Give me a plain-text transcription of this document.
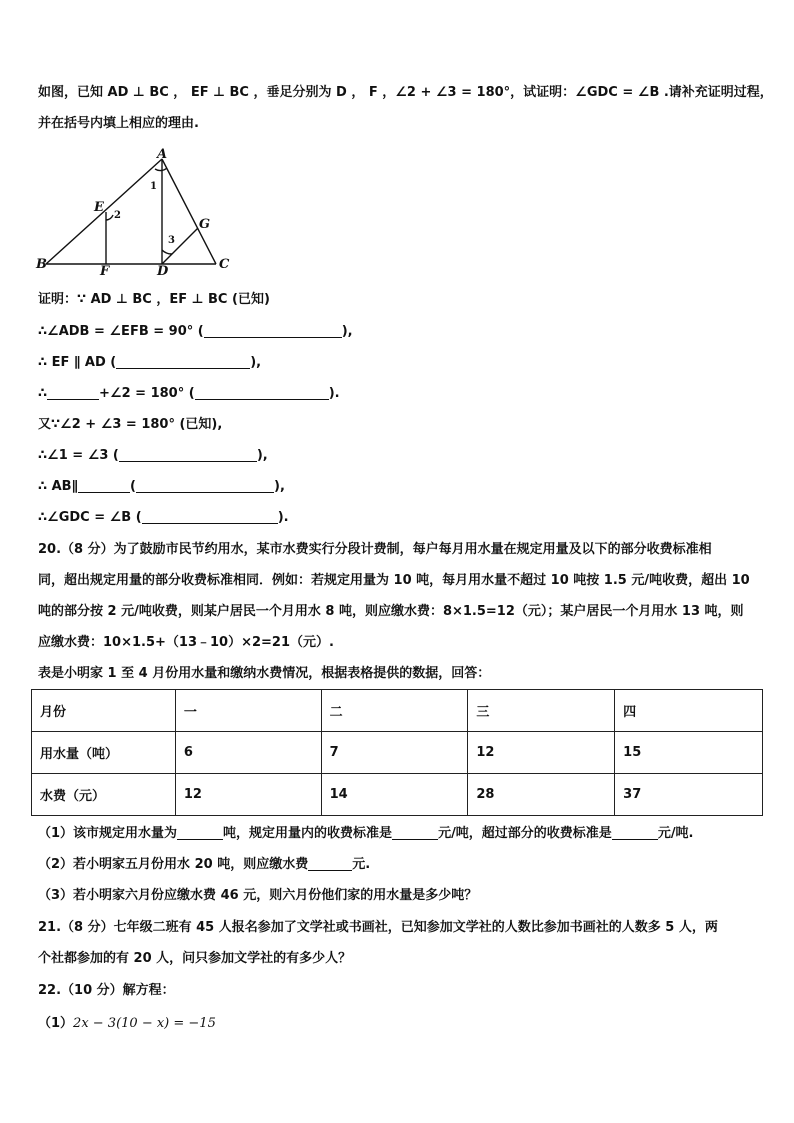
如图，已知 AD ⊥ BC ， EF ⊥ BC ，垂足分别为 D ， F ，∠2 + ∠3 = 180°，试证明：∠GDC = ∠B .请补充证明过程，
并在括号内填上相应的理由.
A
B	C
D
E
F
G
1
2
3
证明：∵ AD ⊥ BC ，EF ⊥ BC (已知)
∴∠ADB = ∠EFB = 90° (	),
∴ EF ∥ AD (	),
∴	+∠2 = 180° (	).
又∵∠2 + ∠3 = 180° (已知),
∴∠1 = ∠3 (	),
∴ AB∥	(	),
∴∠GDC = ∠B (	).
20.（8 分）为了鼓励市民节约用水，某市水费实行分段计费制，每户每月用水量在规定用量及以下的部分收费标准相
同，超出规定用量的部分收费标准相同．例如：若规定用量为 10 吨，每月用水量不超过 10 吨按 1.5 元/吨收费，超出 10
吨的部分按 2 元/吨收费，则某户居民一个月用水 8 吨，则应缴水费：8×1.5=12（元）；某户居民一个月用水 13 吨，则
应缴水费：10×1.5+（13﹣10）×2=21（元）.
表是小明家 1 至 4 月份用水量和缴纳水费情况，根据表格提供的数据，回答：
月份	一	二	三	四
用水量（吨）	6	7	12	15
水费（元）	12	14	28	37
（1）该市规定用水量为	吨，规定用量内的收费标准是	元/吨，超过部分的收费标准是	元/吨.
（2）若小明家五月份用水 20 吨，则应缴水费	元.
（3）若小明家六月份应缴水费 46 元，则六月份他们家的用水量是多少吨？
21.（8 分）七年级二班有 45 人报名参加了文学社或书画社，已知参加文学社的人数比参加书画社的人数多 5 人，两
个社都参加的有 20 人，问只参加文学社的有多少人？
22.（10 分）解方程：
（1）2x − 3(10 − x) = −15
